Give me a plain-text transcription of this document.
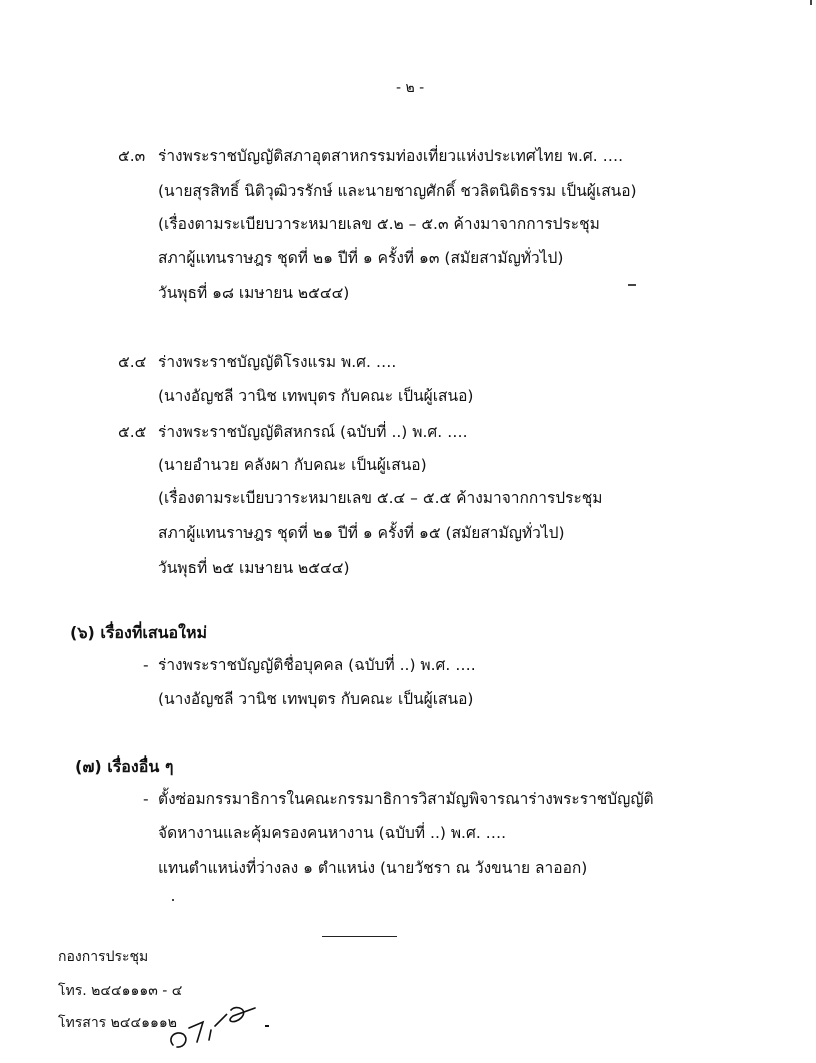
- ๒ -
๕.๓ ร่างพระราชบัญญัติสภาอุตสาหกรรมท่องเที่ยวแห่งประเทศไทย พ.ศ. ….
(นายสุรสิทธิ์ นิติวุฒิวรรักษ์ และนายชาญศักดิ์ ชวลิตนิติธรรม เป็นผู้เสนอ)
(เรื่องตามระเบียบวาระหมายเลข ๕.๒ – ๕.๓ ค้างมาจากการประชุม
สภาผู้แทนราษฎร ชุดที่ ๒๑ ปีที่ ๑ ครั้งที่ ๑๓ (สมัยสามัญทั่วไป)
วันพุธที่ ๑๘ เมษายน ๒๕๔๔)
๕.๔ ร่างพระราชบัญญัติโรงแรม พ.ศ. ….
(นางอัญชลี วานิช เทพบุตร กับคณะ เป็นผู้เสนอ)
๕.๕ ร่างพระราชบัญญัติสหกรณ์ (ฉบับที่ ..) พ.ศ. ….
(นายอำนวย คลังผา กับคณะ เป็นผู้เสนอ)
(เรื่องตามระเบียบวาระหมายเลข ๕.๔ – ๕.๕ ค้างมาจากการประชุม
สภาผู้แทนราษฎร ชุดที่ ๒๑ ปีที่ ๑ ครั้งที่ ๑๕ (สมัยสามัญทั่วไป)
วันพุธที่ ๒๕ เมษายน ๒๕๔๔)
(๖) เรื่องที่เสนอใหม่
- ร่างพระราชบัญญัติชื่อบุคคล (ฉบับที่ ..) พ.ศ. ….
(นางอัญชลี วานิช เทพบุตร กับคณะ เป็นผู้เสนอ)
(๗) เรื่องอื่น ๆ
- ตั้งซ่อมกรรมาธิการในคณะกรรมาธิการวิสามัญพิจารณาร่างพระราชบัญญัติ
จัดหางานและคุ้มครองคนหางาน (ฉบับที่ ..) พ.ศ. ….
แทนตำแหน่งที่ว่างลง ๑ ตำแหน่ง (นายวัชรา ณ วังขนาย ลาออก)
กองการประชุม
โทร. ๒๔๔๑๑๑๓ - ๔
โทรสาร ๒๔๔๑๑๑๒
